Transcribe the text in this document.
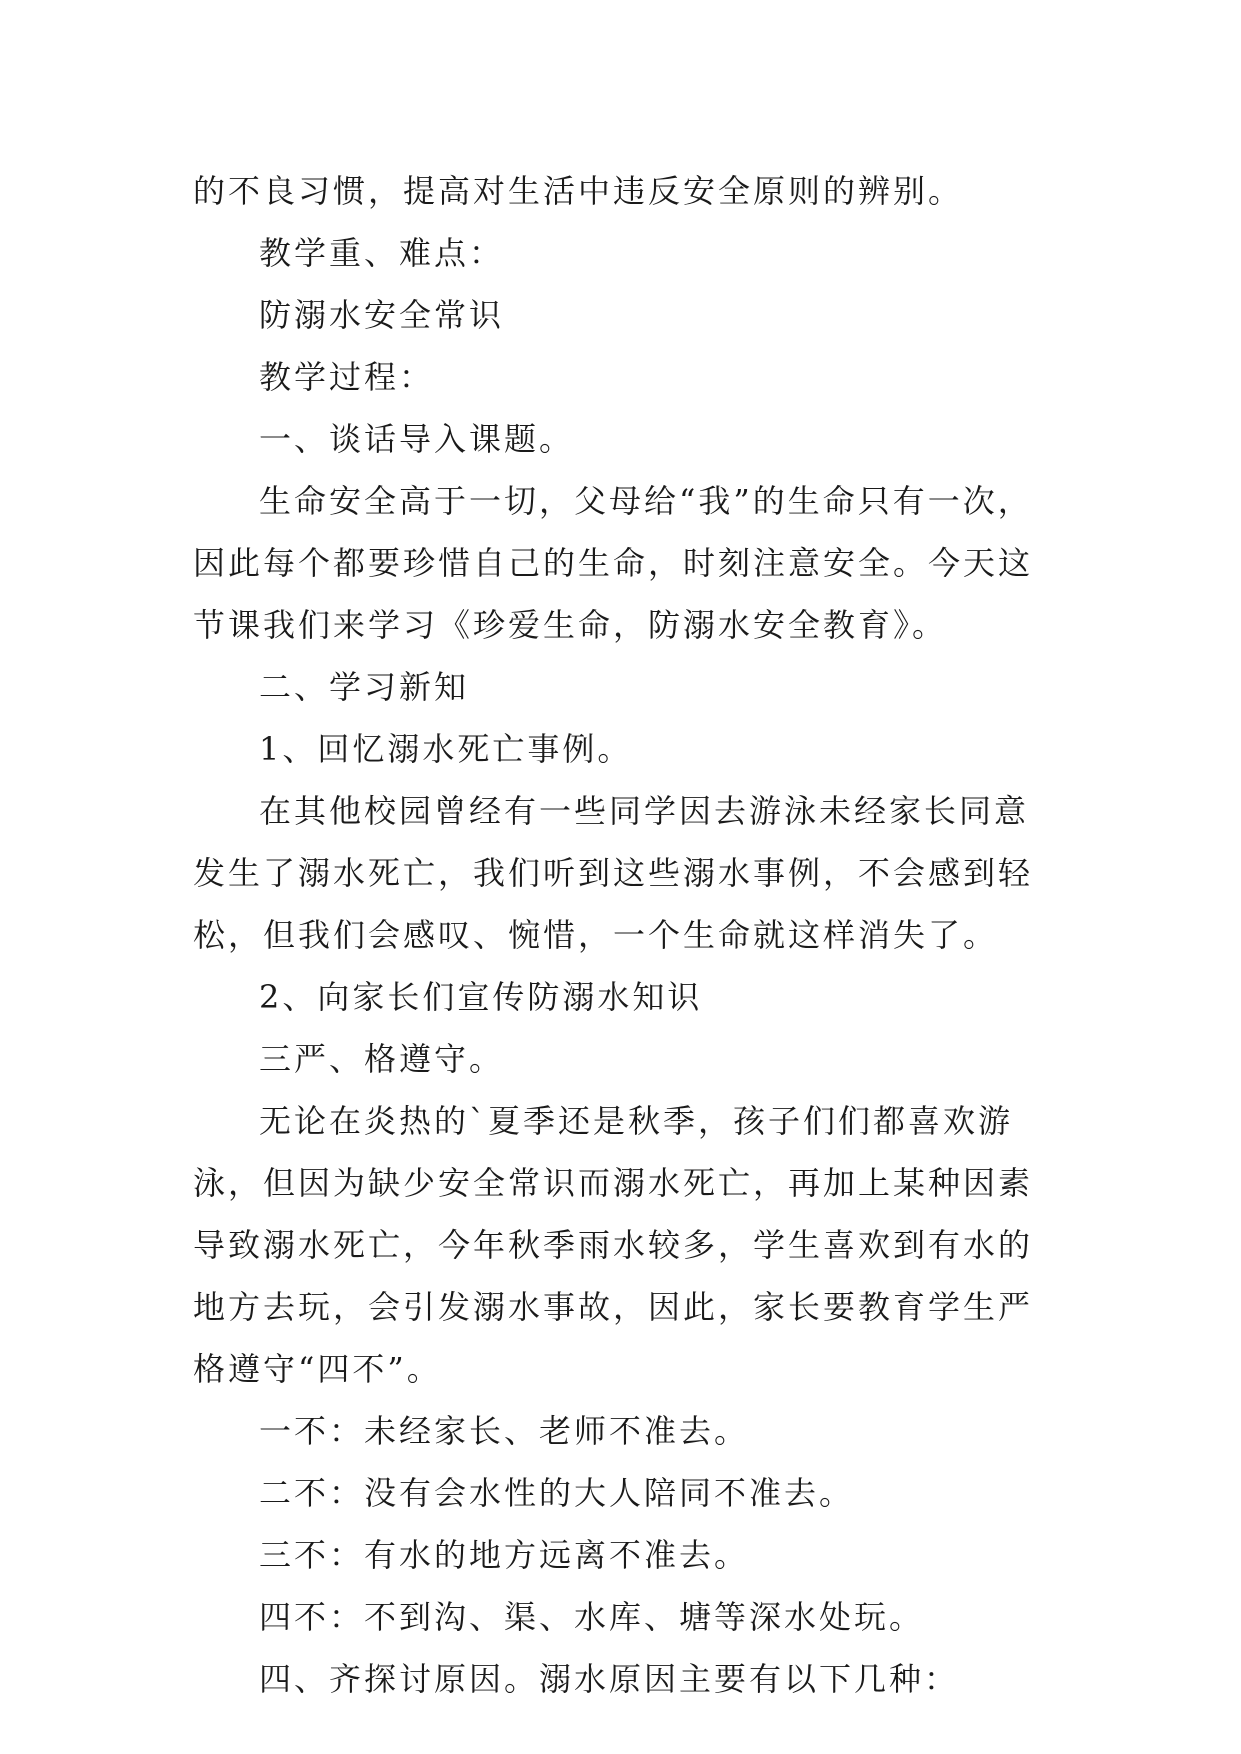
的不良习惯，提高对生活中违反安全原则的辨别。

教学重、难点：

防溺水安全常识

教学过程：

一、谈话导入课题。

生命安全高于一切，父母给“我”的生命只有一次，因此每个都要珍惜自己的生命，时刻注意安全。今天这节课我们来学习《珍爱生命，防溺水安全教育》。

二、学习新知

1、回忆溺水死亡事例。

在其他校园曾经有一些同学因去游泳未经家长同意发生了溺水死亡，我们听到这些溺水事例，不会感到轻松，但我们会感叹、惋惜，一个生命就这样消失了。

2、向家长们宣传防溺水知识

三严、格遵守。

无论在炎热的`夏季还是秋季，孩子们们都喜欢游泳，但因为缺少安全常识而溺水死亡，再加上某种因素导致溺水死亡，今年秋季雨水较多，学生喜欢到有水的地方去玩，会引发溺水事故，因此，家长要教育学生严格遵守“四不”。

一不：未经家长、老师不准去。

二不：没有会水性的大人陪同不准去。

三不：有水的地方远离不准去。

四不：不到沟、渠、水库、塘等深水处玩。

四、齐探讨原因。溺水原因主要有以下几种：
